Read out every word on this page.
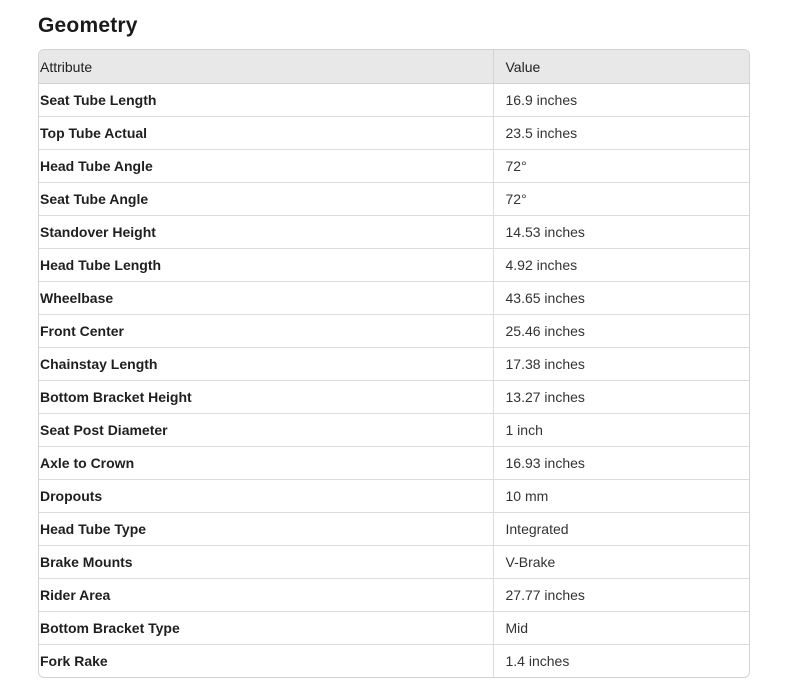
Geometry
Attribute	Value
Seat Tube Length	16.9 inches
Top Tube Actual	23.5 inches
Head Tube Angle	72°
Seat Tube Angle	72°
Standover Height	14.53 inches
Head Tube Length	4.92 inches
Wheelbase	43.65 inches
Front Center	25.46 inches
Chainstay Length	17.38 inches
Bottom Bracket Height	13.27 inches
Seat Post Diameter	1 inch
Axle to Crown	16.93 inches
Dropouts	10 mm
Head Tube Type	Integrated
Brake Mounts	V-Brake
Rider Area	27.77 inches
Bottom Bracket Type	Mid
Fork Rake	1.4 inches
